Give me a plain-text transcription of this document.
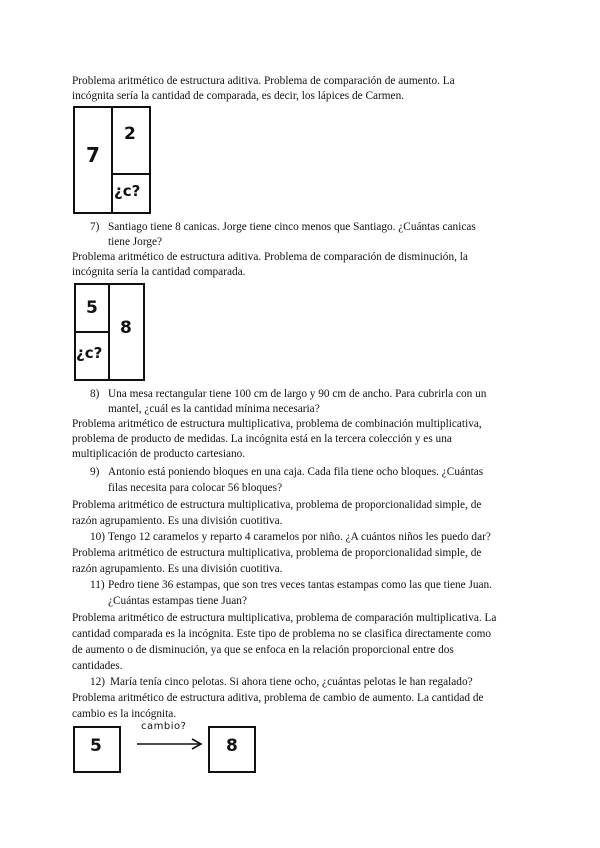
Problema aritmético de estructura aditiva. Problema de comparación de aumento. La
incógnita sería la cantidad de comparada, es decir, los lápices de Carmen.
7
2
¿c?
7) Santiago tiene 8 canicas. Jorge tiene cinco menos que Santiago. ¿Cuántas canicas
tiene Jorge?
Problema aritmético de estructura aditiva. Problema de comparación de disminución, la
incógnita sería la cantidad comparada.
5
¿c?
8
8) Una mesa rectangular tiene 100 cm de largo y 90 cm de ancho. Para cubrirla con un
mantel, ¿cuál es la cantidad mínima necesaria?
Problema aritmético de estructura multiplicativa, problema de combinación multiplicativa,
problema de producto de medidas. La incógnita está en la tercera colección y es una
multiplicación de producto cartesiano.
9) Antonio está poniendo bloques en una caja. Cada fila tiene ocho bloques. ¿Cuántas
filas necesita para colocar 56 bloques?
Problema aritmético de estructura multiplicativa, problema de proporcionalidad simple, de
razón agrupamiento. Es una división cuotitiva.
10) Tengo 12 caramelos y reparto 4 caramelos por niño. ¿A cuántos niños les puedo dar?
Problema aritmético de estructura multiplicativa, problema de proporcionalidad simple, de
razón agrupamiento. Es una división cuotitiva.
11) Pedro tiene 36 estampas, que son tres veces tantas estampas como las que tiene Juan.
¿Cuántas estampas tiene Juan?
Problema aritmético de estructura multiplicativa, problema de comparación multiplicativa. La
cantidad comparada es la incógnita. Este tipo de problema no se clasifica directamente como
de aumento o de disminución, ya que se enfoca en la relación proporcional entre dos
cantidades.
12) María tenía cinco pelotas. Si ahora tiene ocho, ¿cuántas pelotas le han regalado?
Problema aritmético de estructura aditiva, problema de cambio de aumento. La cantidad de
cambio es la incógnita.
5
cambio?
8
